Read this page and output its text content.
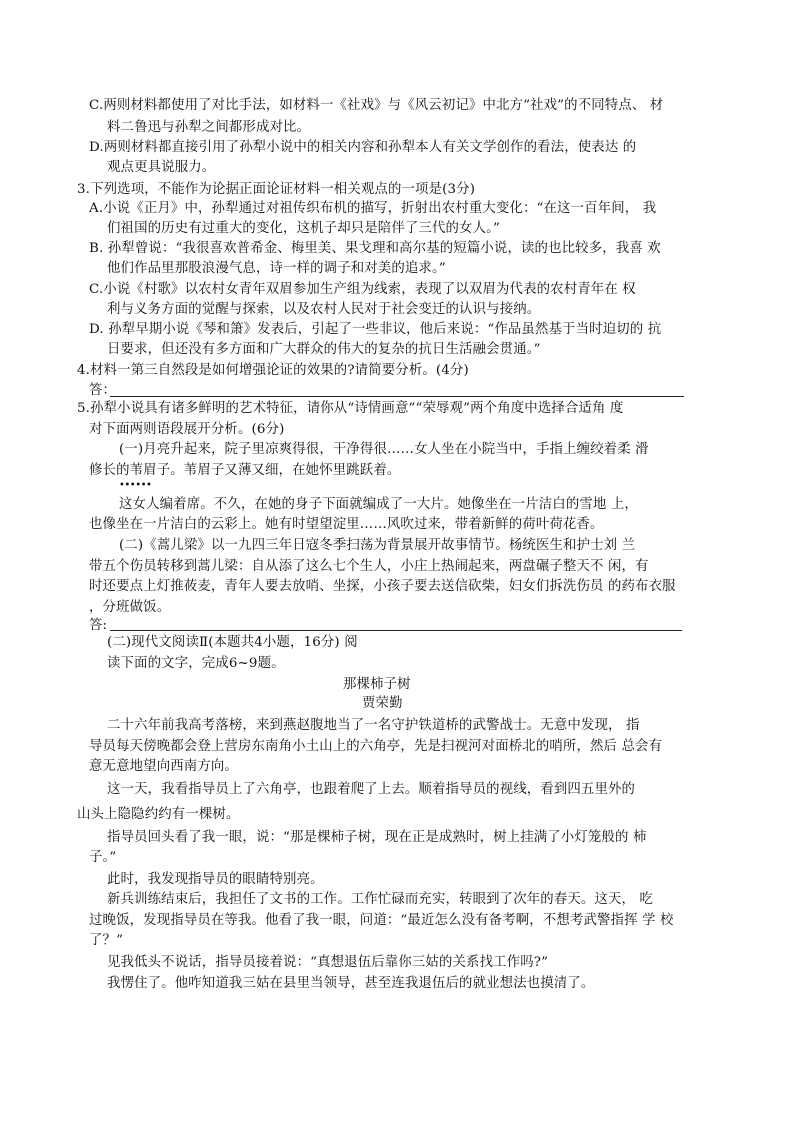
C.两则材料都使用了对比手法，如材料一《社戏》与《风云初记》中北方“社戏”的不同特点、 材
料二鲁迅与孙犁之间都形成对比。
D.两则材料都直接引用了孙犁小说中的相关内容和孙犁本人有关文学创作的看法，使表达 的
观点更具说服力。
3.下列选项，不能作为论据正面论证材料一相关观点的一项是(3分)
A.小说《正月》中，孙犁通过对祖传织布机的描写，折射出农村重大变化：“在这一百年间， 我
们祖国的历史有过重大的变化，这机子却只是陪伴了三代的女人。”
B. 孙犁曾说：“我很喜欢普希金、梅里美、果戈理和高尔基的短篇小说，读的也比较多，我喜 欢
他们作品里那股浪漫气息，诗一样的调子和对美的追求。”
C.小说《村歌》以农村女青年双眉参加生产组为线索，表现了以双眉为代表的农村青年在 权
利与义务方面的觉醒与探索，以及农村人民对于社会变迁的认识与接纳。
D. 孙犁早期小说《琴和箫》发表后，引起了一些非议，他后来说：“作品虽然基于当时迫切的 抗
日要求，但还没有多方面和广大群众的伟大的复杂的抗日生活融会贯通。”
4.材料一第三自然段是如何增强论证的效果的?请简要分析。(4分)
答：
5.孙犁小说具有诸多鲜明的艺术特征，请你从“诗情画意”“荣辱观”两个角度中选择合适角 度
对下面两则语段展开分析。(6分)
(一)月亮升起来，院子里凉爽得很，干净得很……女人坐在小院当中，手指上缠绞着柔 滑
修长的苇眉子。苇眉子又薄又细，在她怀里跳跃着。
••••••
这女人编着席。不久，在她的身子下面就编成了一大片。她像坐在一片洁白的雪地 上，
也像坐在一片洁白的云彩上。她有时望望淀里……风吹过来，带着新鲜的荷叶荷花香。
(二)《蒿儿梁》以一九四三年日寇冬季扫荡为背景展开故事情节。杨统医生和护士刘 兰
带五个伤员转移到蒿儿梁：自从添了这么七个生人，小庄上热闹起来，两盘碾子整天不 闲，有
时还要点上灯推莜麦，青年人要去放哨、坐探，小孩子要去送信砍柴，妇女们拆洗伤员 的药布衣服
，分班做饭。
答:
(二)现代文阅读Ⅱ(本题共4小题，16分) 阅
读下面的文字，完成6~9题。
那棵柿子树
贾荣勤
二十六年前我高考落榜，来到燕赵腹地当了一名守护铁道桥的武警战士。无意中发现， 指
导员每天傍晚都会登上营房东南角小土山上的六角亭，先是扫视河对面桥北的哨所，然后 总会有
意无意地望向西南方向。
这一天，我看指导员上了六角亭，也跟着爬了上去。顺着指导员的视线，看到四五里外的
山头上隐隐约约有一棵树。
指导员回头看了我一眼，说：“那是棵柿子树，现在正是成熟时，树上挂满了小灯笼般的 柿
子。”
此时，我发现指导员的眼睛特别亮。
新兵训练结束后，我担任了文书的工作。工作忙碌而充实，转眼到了次年的春天。这天， 吃
过晚饭，发现指导员在等我。他看了我一眼，问道：“最近怎么没有备考啊，不想考武警指挥 学 校
了？”
见我低头不说话，指导员接着说：“真想退伍后靠你三姑的关系找工作吗?”
我愣住了。他咋知道我三姑在县里当领导，甚至连我退伍后的就业想法也摸清了。
